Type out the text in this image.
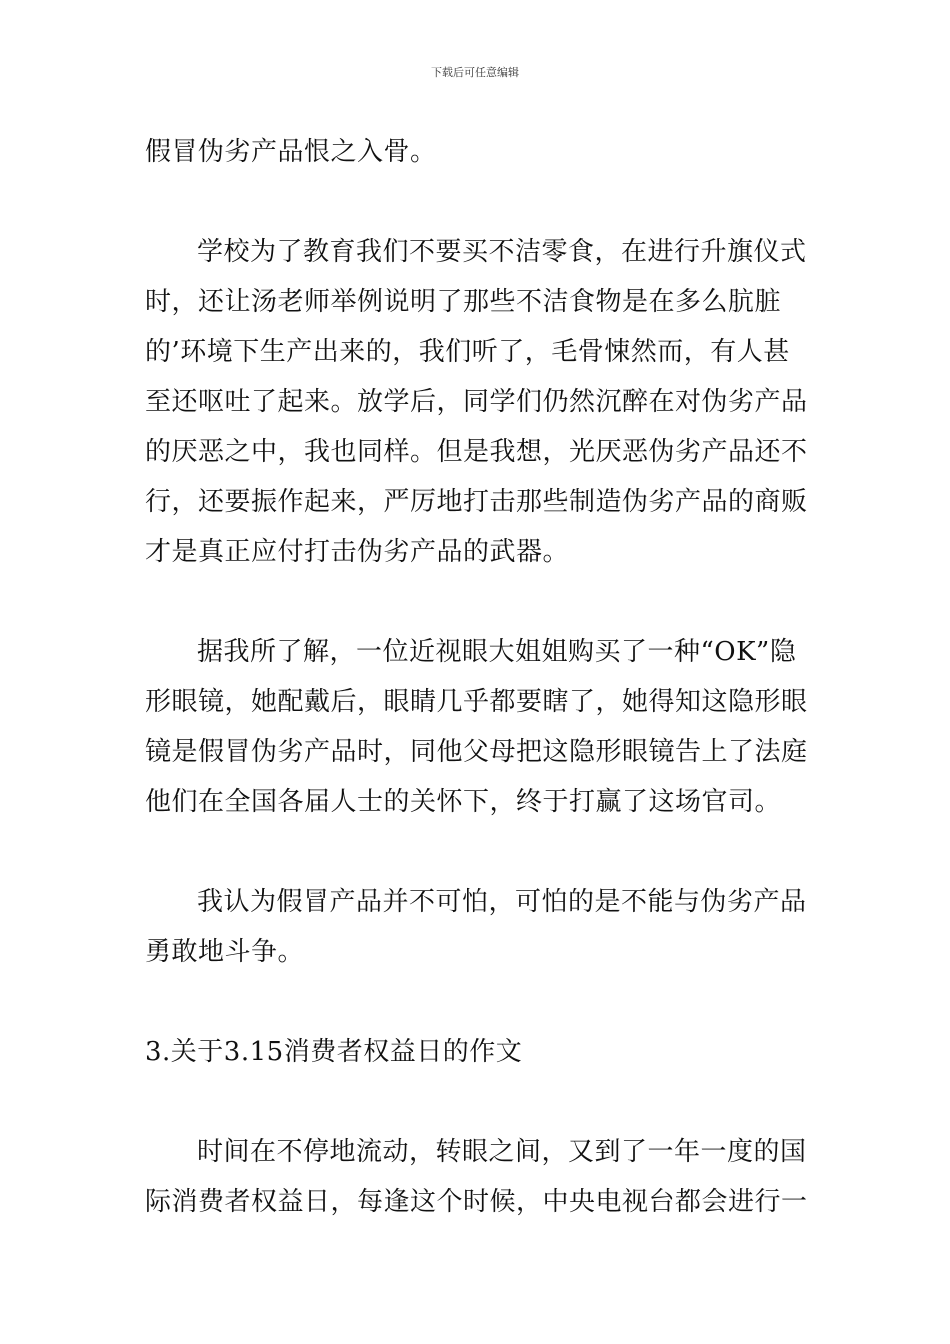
下载后可任意编辑
假冒伪劣产品恨之入骨。
学校为了教育我们不要买不洁零食，在进行升旗仪式
时，还让汤老师举例说明了那些不洁食物是在多么肮脏
的’环境下生产出来的，我们听了，毛骨悚然而，有人甚
至还呕吐了起来。放学后，同学们仍然沉醉在对伪劣产品
的厌恶之中，我也同样。但是我想，光厌恶伪劣产品还不
行，还要振作起来，严厉地打击那些制造伪劣产品的商贩
才是真正应付打击伪劣产品的武器。
据我所了解，一位近视眼大姐姐购买了一种“OK”隐
形眼镜，她配戴后，眼睛几乎都要瞎了，她得知这隐形眼
镜是假冒伪劣产品时，同他父母把这隐形眼镜告上了法庭
他们在全国各届人士的关怀下，终于打赢了这场官司。
我认为假冒产品并不可怕，可怕的是不能与伪劣产品
勇敢地斗争。
3.关于3.15消费者权益日的作文
时间在不停地流动，转眼之间，又到了一年一度的国
际消费者权益日，每逢这个时候，中央电视台都会进行一
